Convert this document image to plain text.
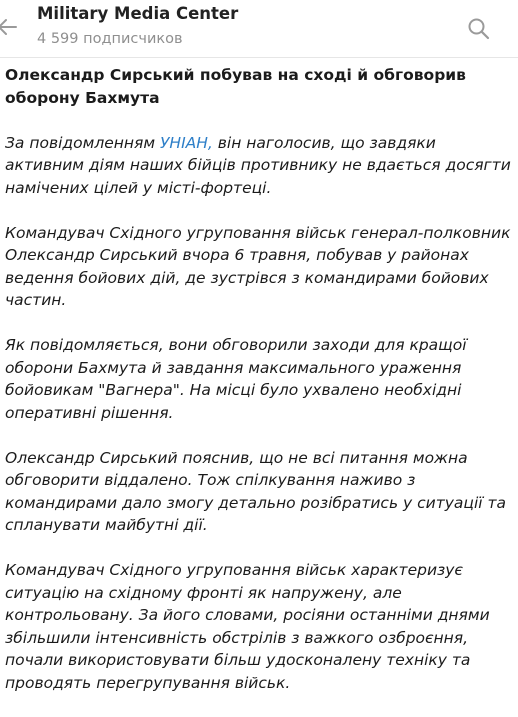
Military Media Center
4 599 подписчиков
Олександр Сирський побував на сході й обговорив оборону Бахмута
За повідомленням УНІАН, він наголосив, що завдяки активним діям наших бійців противнику не вдається досягти намічених цілей у місті-фортеці.
Командувач Східного угруповання військ генерал-полковник Олександр Сирський вчора 6 травня, побував у районах ведення бойових дій, де зустрівся з командирами бойових частин.
Як повідомляється, вони обговорили заходи для кращої оборони Бахмута й завдання максимального ураження бойовикам "Вагнера". На місці було ухвалено необхідні оперативні рішення.
Олександр Сирський пояснив, що не всі питання можна обговорити віддалено. Тож спілкування наживо з командирами дало змогу детально розібратись у ситуації та спланувати майбутні дії.
Командувач Східного угруповання військ характеризує ситуацію на східному фронті як напружену, але контрольовану. За його словами, росіяни останніми днями збільшили інтенсивність обстрілів з важкого озброєння, почали використовувати більш удосконалену техніку та проводять перегрупування військ.
